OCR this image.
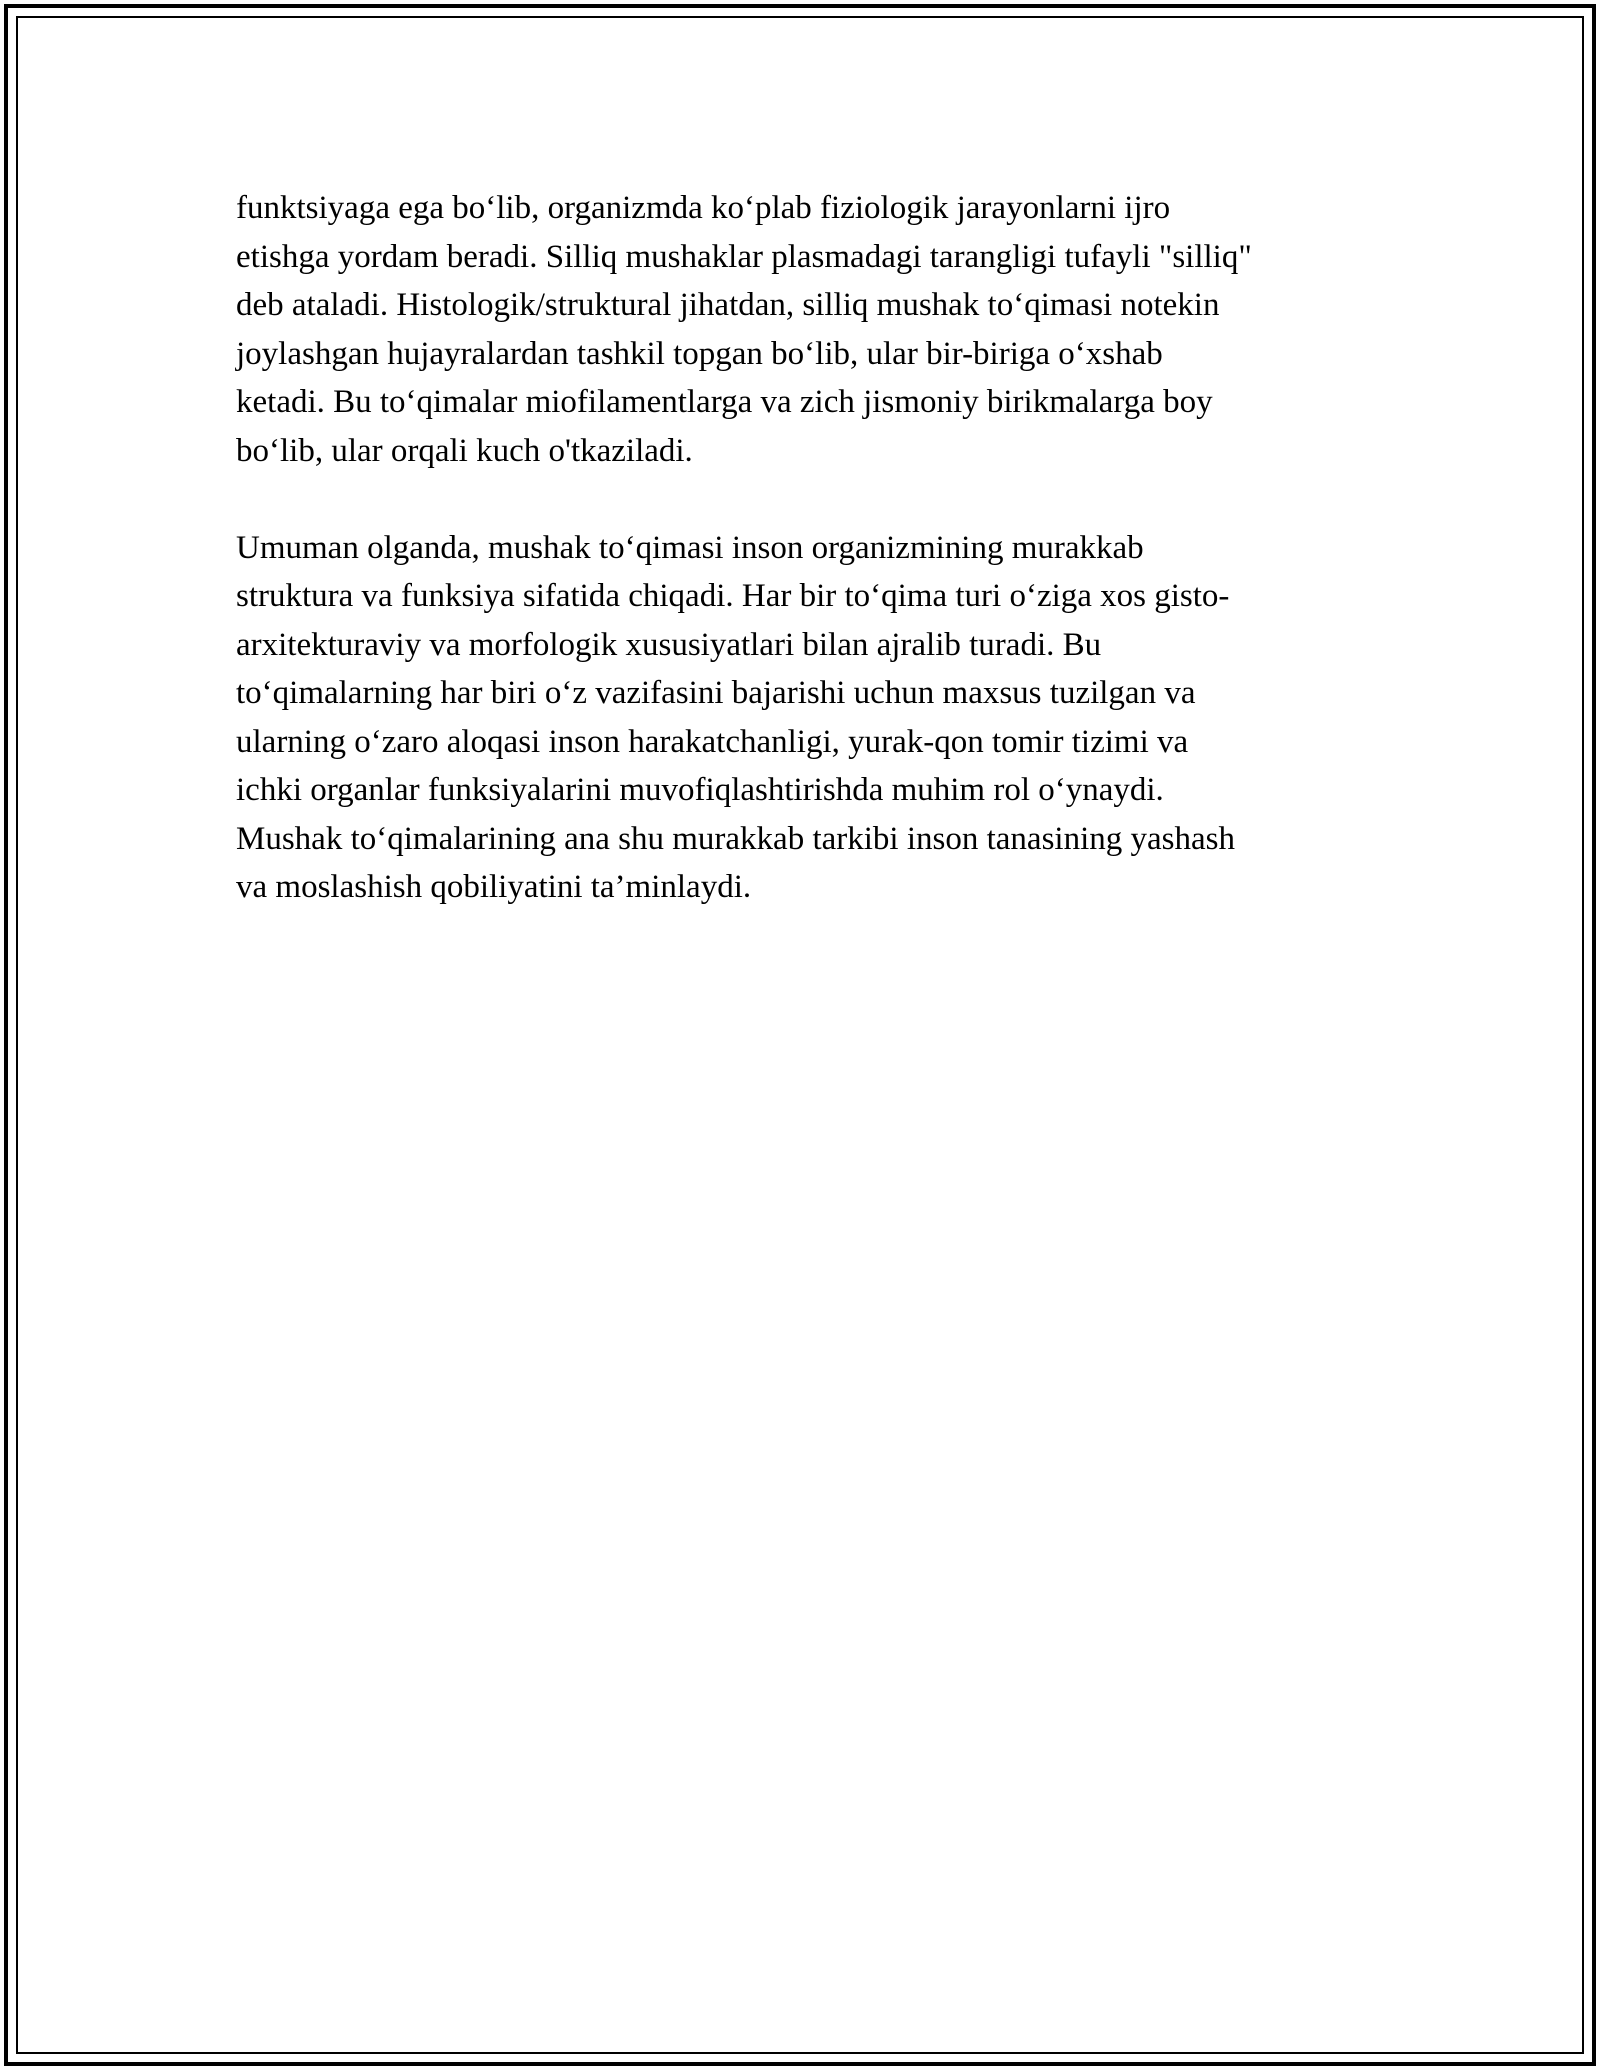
funktsiyaga ega bo‘lib, organizmda ko‘plab fiziologik jarayonlarni ijro
etishga yordam beradi. Silliq mushaklar plasmadagi tarangligi tufayli "silliq"
deb ataladi. Histologik/struktural jihatdan, silliq mushak to‘qimasi notekin
joylashgan hujayralardan tashkil topgan bo‘lib, ular bir-biriga o‘xshab
ketadi. Bu to‘qimalar miofilamentlarga va zich jismoniy birikmalarga boy
bo‘lib, ular orqali kuch o'tkaziladi.

Umuman olganda, mushak to‘qimasi inson organizmining murakkab
struktura va funksiya sifatida chiqadi. Har bir to‘qima turi o‘ziga xos gisto-
arxitekturaviy va morfologik xususiyatlari bilan ajralib turadi. Bu
to‘qimalarning har biri o‘z vazifasini bajarishi uchun maxsus tuzilgan va
ularning o‘zaro aloqasi inson harakatchanligi, yurak-qon tomir tizimi va
ichki organlar funksiyalarini muvofiqlashtirishda muhim rol o‘ynaydi.
Mushak to‘qimalarining ana shu murakkab tarkibi inson tanasining yashash
va moslashish qobiliyatini ta’minlaydi.
